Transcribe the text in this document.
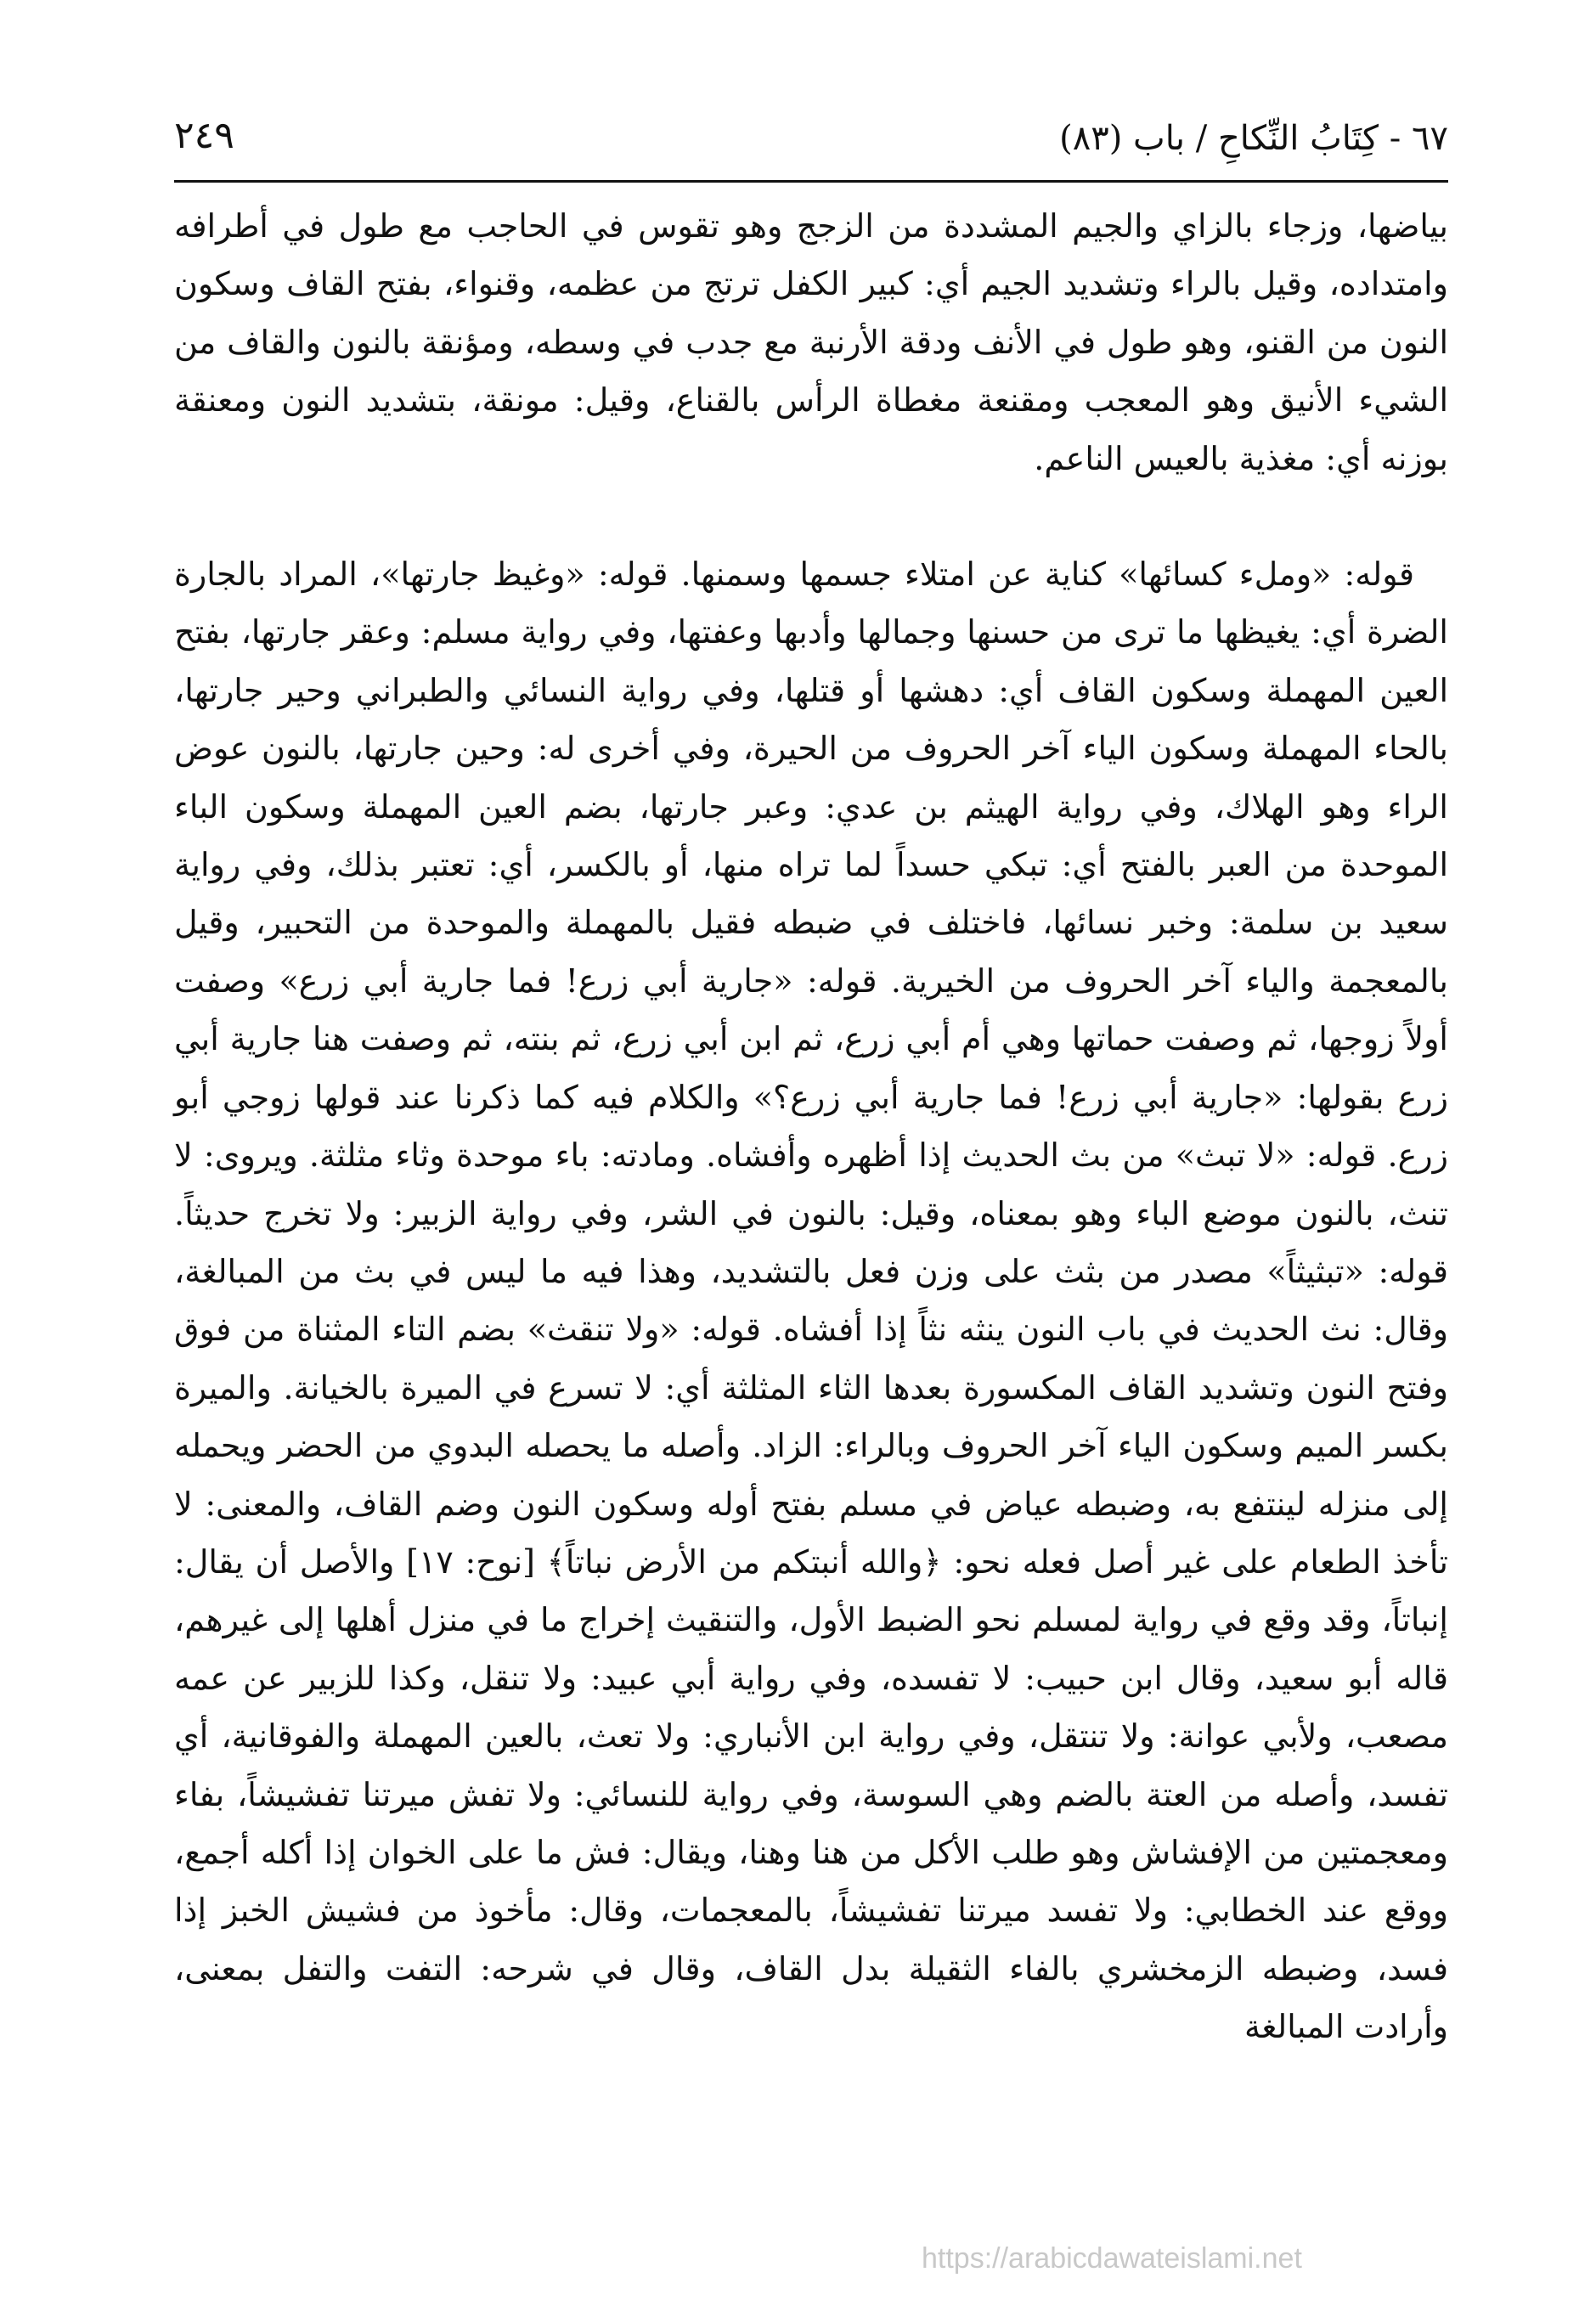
٦٧ - كِتَابُ النِّكاحِ / باب (٨٣)
٢٤٩

بياضها، وزجاء بالزاي والجيم المشددة من الزجج وهو تقوس في الحاجب مع طول في أطرافه وامتداده، وقيل بالراء وتشديد الجيم أي: كبير الكفل ترتج من عظمه، وقنواء، بفتح القاف وسكون النون من القنو، وهو طول في الأنف ودقة الأرنبة مع جدب في وسطه، ومؤنقة بالنون والقاف من الشيء الأنيق وهو المعجب ومقنعة مغطاة الرأس بالقناع، وقيل: مونقة، بتشديد النون ومعنقة بوزنه أي: مغذية بالعيس الناعم.

قوله: «وملء كسائها» كناية عن امتلاء جسمها وسمنها. قوله: «وغيظ جارتها»، المراد بالجارة الضرة أي: يغيظها ما ترى من حسنها وجمالها وأدبها وعفتها، وفي رواية مسلم: وعقر جارتها، بفتح العين المهملة وسكون القاف أي: دهشها أو قتلها، وفي رواية النسائي والطبراني وحير جارتها، بالحاء المهملة وسكون الياء آخر الحروف من الحيرة، وفي أخرى له: وحين جارتها، بالنون عوض الراء وهو الهلاك، وفي رواية الهيثم بن عدي: وعبر جارتها، بضم العين المهملة وسكون الباء الموحدة من العبر بالفتح أي: تبكي حسداً لما تراه منها، أو بالكسر، أي: تعتبر بذلك، وفي رواية سعيد بن سلمة: وخبر نسائها، فاختلف في ضبطه فقيل بالمهملة والموحدة من التحبير، وقيل بالمعجمة والياء آخر الحروف من الخيرية. قوله: «جارية أبي زرع! فما جارية أبي زرع» وصفت أولاً زوجها، ثم وصفت حماتها وهي أم أبي زرع، ثم ابن أبي زرع، ثم بنته، ثم وصفت هنا جارية أبي زرع بقولها: «جارية أبي زرع! فما جارية أبي زرع؟» والكلام فيه كما ذكرنا عند قولها زوجي أبو زرع. قوله: «لا تبث» من بث الحديث إذا أظهره وأفشاه. ومادته: باء موحدة وثاء مثلثة. ويروى: لا تنث، بالنون موضع الباء وهو بمعناه، وقيل: بالنون في الشر، وفي رواية الزبير: ولا تخرج حديثاً. قوله: «تبثيثاً» مصدر من بثث على وزن فعل بالتشديد، وهذا فيه ما ليس في بث من المبالغة، وقال: نث الحديث في باب النون ينثه نثاً إذا أفشاه. قوله: «ولا تنقث» بضم التاء المثناة من فوق وفتح النون وتشديد القاف المكسورة بعدها الثاء المثلثة أي: لا تسرع في الميرة بالخيانة. والميرة بكسر الميم وسكون الياء آخر الحروف وبالراء: الزاد. وأصله ما يحصله البدوي من الحضر ويحمله إلى منزله لينتفع به، وضبطه عياض في مسلم بفتح أوله وسكون النون وضم القاف، والمعنى: لا تأخذ الطعام على غير أصل فعله نحو: ﴿والله أنبتكم من الأرض نباتاً﴾ [نوح: ١٧] والأصل أن يقال: إنباتاً، وقد وقع في رواية لمسلم نحو الضبط الأول، والتنقيث إخراج ما في منزل أهلها إلى غيرهم، قاله أبو سعيد، وقال ابن حبيب: لا تفسده، وفي رواية أبي عبيد: ولا تنقل، وكذا للزبير عن عمه مصعب، ولأبي عوانة: ولا تنتقل، وفي رواية ابن الأنباري: ولا تعث، بالعين المهملة والفوقانية، أي تفسد، وأصله من العتة بالضم وهي السوسة، وفي رواية للنسائي: ولا تفش ميرتنا تفشيشاً، بفاء ومعجمتين من الإفشاش وهو طلب الأكل من هنا وهنا، ويقال: فش ما على الخوان إذا أكله أجمع، ووقع عند الخطابي: ولا تفسد ميرتنا تفشيشاً، بالمعجمات، وقال: مأخوذ من فشيش الخبز إذا فسد، وضبطه الزمخشري بالفاء الثقيلة بدل القاف، وقال في شرحه: التفت والتفل بمعنى، وأرادت المبالغة

https://arabicdawateislami.net
